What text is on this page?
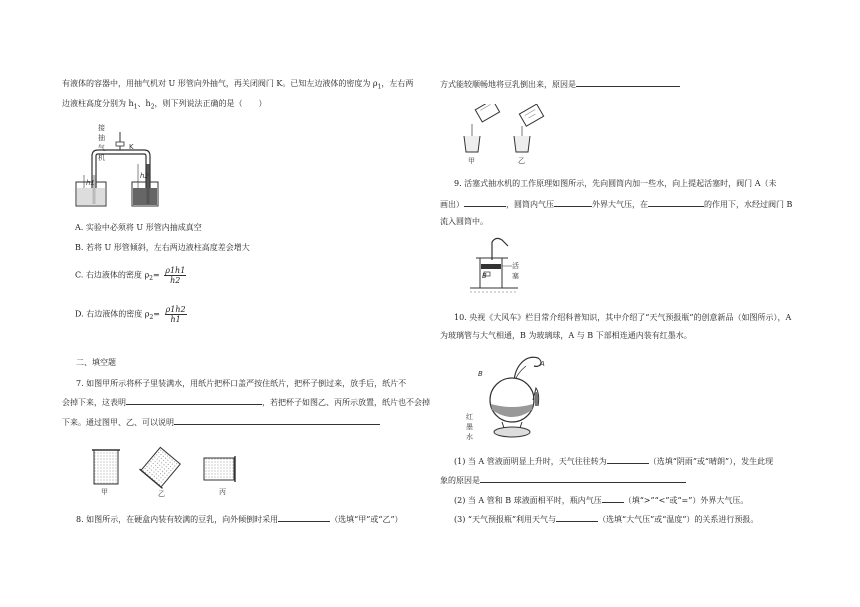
有液体的容器中，用抽气机对 U 形管向外抽气，再关闭阀门 K。已知左边液体的密度为 $\rho_1$，左右两
边液柱高度分别为 $h_1$、$h_2$，则下列说法正确的是（　　）
接抽气机
K
h1
h2
A. 实验中必须将 U 形管内抽成真空
B. 若将 U 形管倾斜，左右两边液柱高度差会增大
C. 右边液体的密度 $\rho_2= \frac{\rho 1h1}{h2}$
D. 右边液体的密度 $\rho_2= \frac{\rho 1h2}{h1}$
二、填空题
7. 如图甲所示将杯子里装满水，用纸片把杯口盖严按住纸片，把杯子倒过来，放手后，纸片不
会掉下来，这表明	，若把杯子如图乙、丙所示放置，纸片也不会掉
下来。通过图甲、乙、可以说明
甲	乙	丙
8. 如图所示，在硬盒内装有较满的豆乳，向外倾倒时采用	（选填“甲”或“乙”）
方式能较顺畅地将豆乳倒出来，原因是
甲	乙
9. 活塞式抽水机的工作原理如图所示，先向圆筒内加一些水，向上提起活塞时，阀门 A（未
画出）	，圆筒内气压	外界大气压，在	的作用下，水经过阀门 B
流入圆筒中。
活塞
B
10. 央视《大风车》栏目常介绍科普知识，其中介绍了“天气预报瓶”的创意新品（如图所示），A
为玻璃管与大气相通，B 为玻璃球，A 与 B 下部相连通内装有红墨水。
B
A
红墨水
(1) 当 A 管液面明显上升时，天气往往转为	（选填“阴雨”或“晴朗”），发生此现
象的原因是
(2) 当 A 管和 B 球液面相平时，瓶内气压	（填“>”“<”或“=”）外界大气压。
(3) “天气预报瓶”利用天气与	（选填“大气压”或“温度”）的关系进行预报。
